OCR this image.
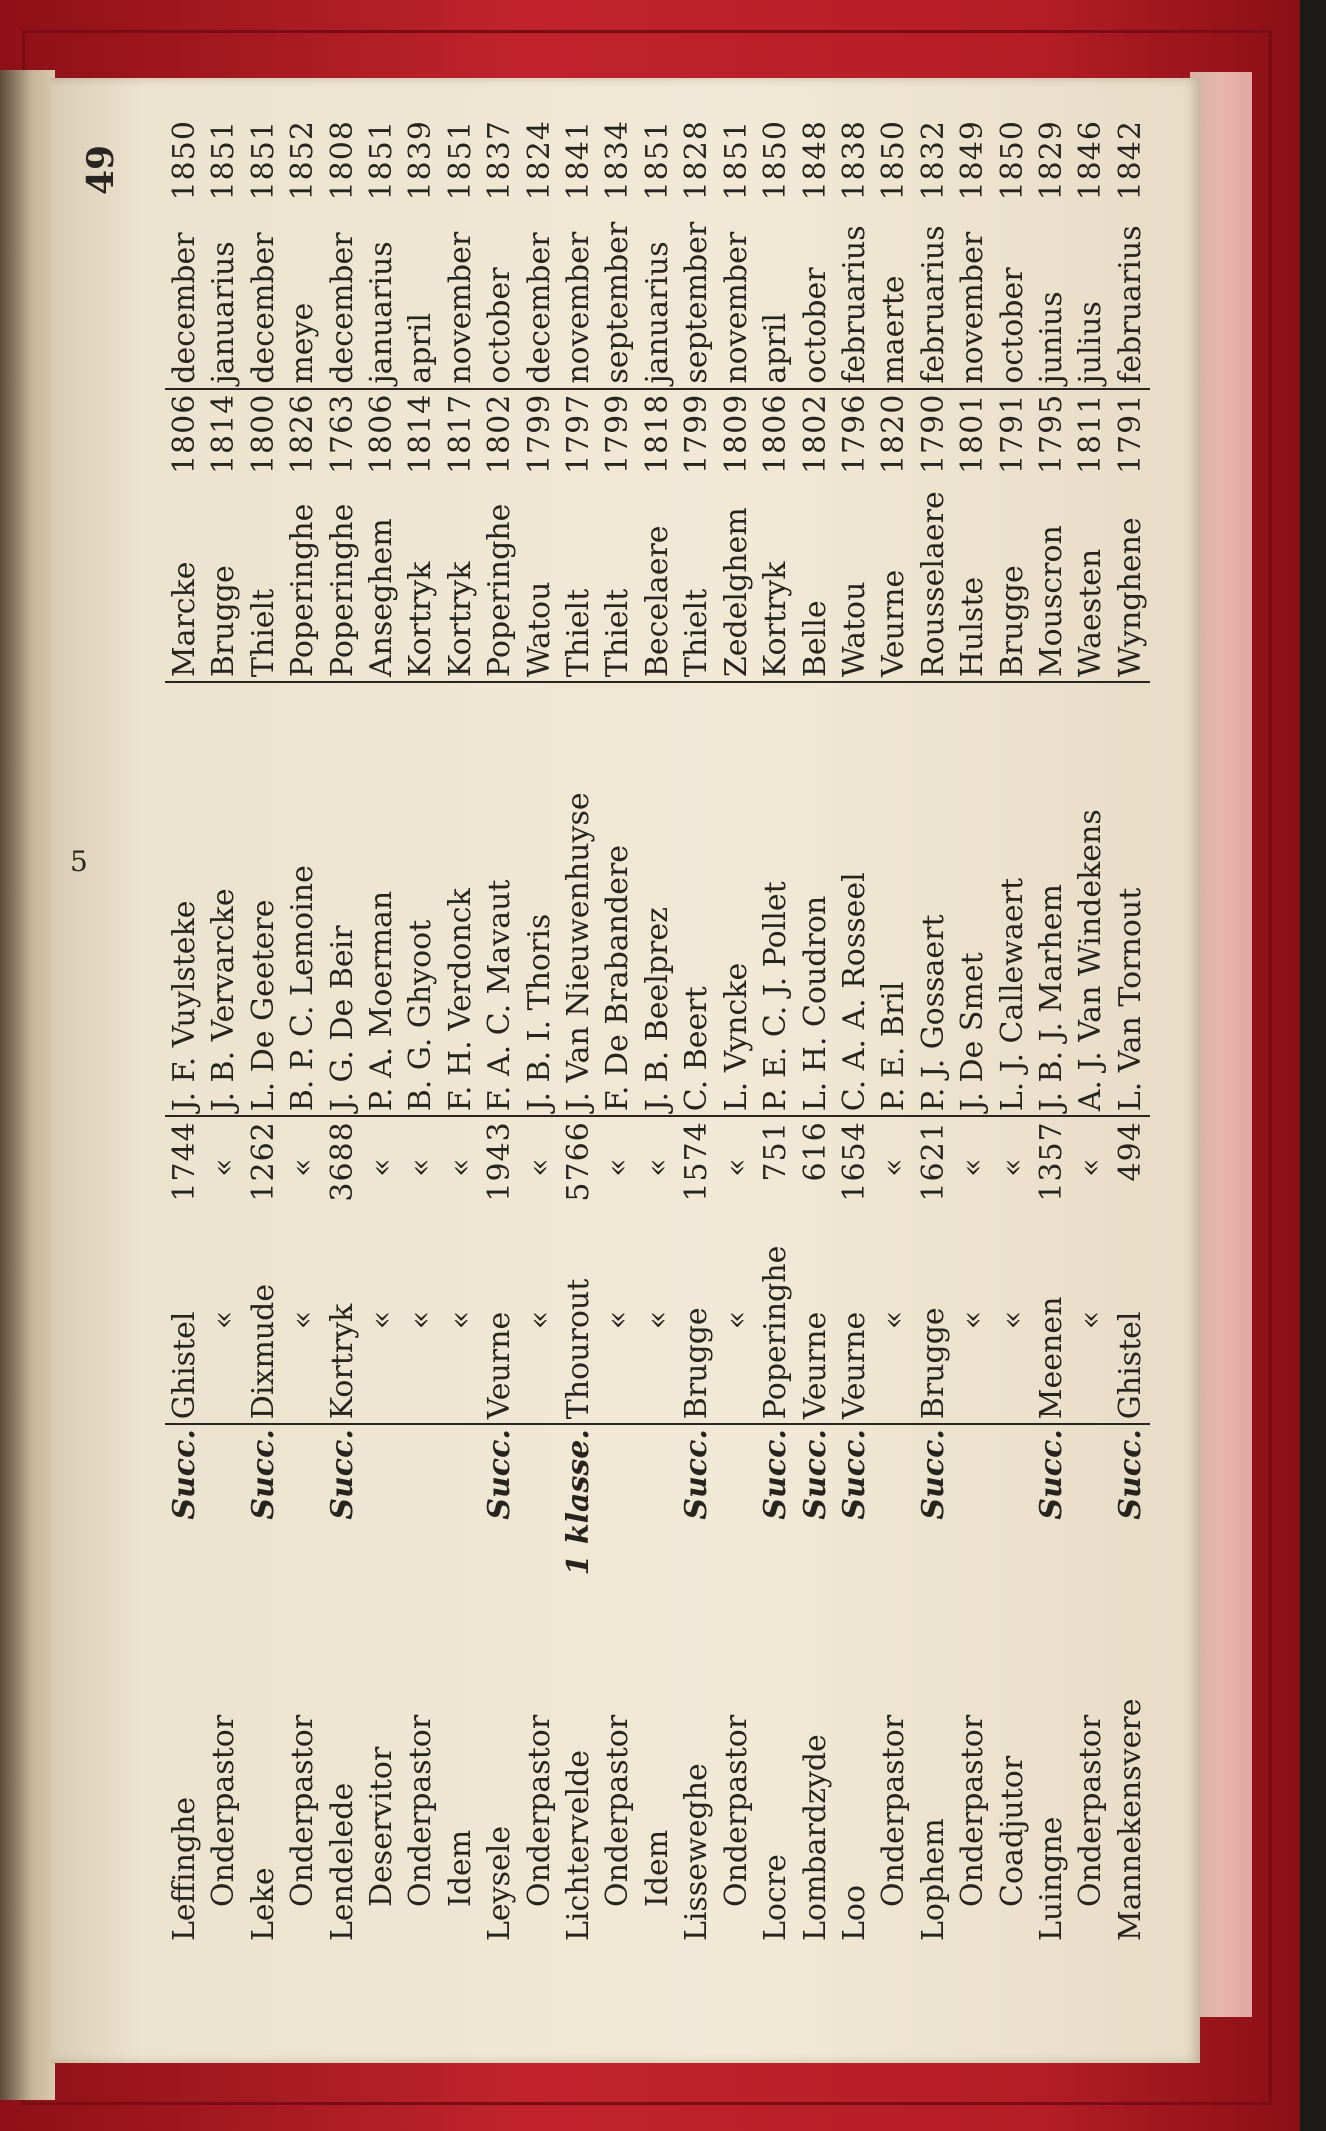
49
Leffinghe	Succ.	Ghistel	1744	J. F. Vuylsteke	Marcke	1806	december	1850
Onderpastor		«	«	J. B. Vervarcke	Brugge	1814	januarius	1851
Leke	Succ.	Dixmude	1262	L. De Geetere	Thielt	1800	december	1851
Onderpastor		«	«	B. P. C. Lemoine	Poperinghe	1826	meye	1852
Lendelede	Succ.	Kortryk	3688	J. G. De Beir	Poperinghe	1763	december	1808
Deservitor		«	«	P. A. Moerman	Anseghem	1806	januarius	1851
Onderpastor		«	«	B. G. Ghyoot	Kortryk	1814	april	1839
Idem		«	«	F. H. Verdonck	Kortryk	1817	november	1851
Leysele	Succ.	Veurne	1943	F. A. C. Mavaut	Poperinghe	1802	october	1837
Onderpastor		«	«	J. B. I. Thoris	Watou	1799	december	1824
Lichtervelde	1 klasse.	Thourout	5766	J. Van Nieuwenhuyse	Thielt	1797	november	1841
Onderpastor		«	«	F. De Brabandere	Thielt	1799	september	1834
Idem		«	«	J. B. Beelprez	Becelaere	1818	januarius	1851
Lisseweghe	Succ.	Brugge	1574	C. Beert	Thielt	1799	september	1828
Onderpastor		«	«	L. Vyncke	Zedelghem	1809	november	1851
Locre	Succ.	Poperinghe	751	P. E. C. J. Pollet	Kortryk	1806	april	1850
Lombardzyde	Succ.	Veurne	616	L. H. Coudron	Belle	1802	october	1848
Loo	Succ.	Veurne	1654	C. A. A. Rosseel	Watou	1796	februarius	1838
Onderpastor		«	«	P. E. Bril	Veurne	1820	maerte	1850
Lophem	Succ.	Brugge	1621	P. J. Gossaert	Rousselaere	1790	februarius	1832
Onderpastor		«	«	J. De Smet	Hulste	1801	november	1849
Coadjutor		«	«	L. J. Callewaert	Brugge	1791	october	1850
Luingne	Succ.	Meenen	1357	J. B. J. Marhem	Mouscron	1795	junius	1829
Onderpastor		«	«	A. J. Van Windekens	Waesten	1811	julius	1846
Mannekensvere	Succ.	Ghistel	494	L. Van Tornout	Wynghene	1791	februarius	1842
5
